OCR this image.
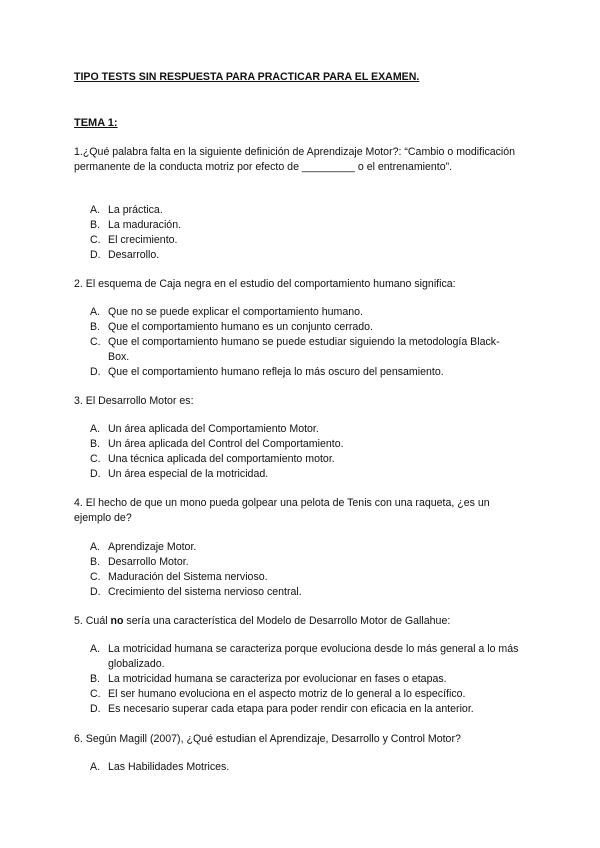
TIPO TESTS SIN RESPUESTA PARA PRACTICAR PARA EL EXAMEN.
TEMA 1:
1.¿Qué palabra falta en la siguiente definición de Aprendizaje Motor?: “Cambio o modificación permanente de la conducta motriz por efecto de _________ o el entrenamiento”.
A. La práctica.
B. La maduración.
C. El crecimiento.
D. Desarrollo.
2. El esquema de Caja negra en el estudio del comportamiento humano significa:
A. Que no se puede explicar el comportamiento humano.
B. Que el comportamiento humano es un conjunto cerrado.
C. Que el comportamiento humano se puede estudiar siguiendo la metodología Black-Box.
D. Que el comportamiento humano refleja lo más oscuro del pensamiento.
3. El Desarrollo Motor es:
A. Un área aplicada del Comportamiento Motor.
B. Un área aplicada del Control del Comportamiento.
C. Una técnica aplicada del comportamiento motor.
D. Un área especial de la motricidad.
4. El hecho de que un mono pueda golpear una pelota de Tenis con una raqueta, ¿es un ejemplo de?
A. Aprendizaje Motor.
B. Desarrollo Motor.
C. Maduración del Sistema nervioso.
D. Crecimiento del sistema nervioso central.
5. Cuál no sería una característica del Modelo de Desarrollo Motor de Gallahue:
A. La motricidad humana se caracteriza porque evoluciona desde lo más general a lo más globalizado.
B. La motricidad humana se caracteriza por evolucionar en fases o etapas.
C. El ser humano evoluciona en el aspecto motriz de lo general a lo específico.
D. Es necesario superar cada etapa para poder rendir con eficacia en la anterior.
6. Según Magill (2007), ¿Qué estudian el Aprendizaje, Desarrollo y Control Motor?
A. Las Habilidades Motrices.
